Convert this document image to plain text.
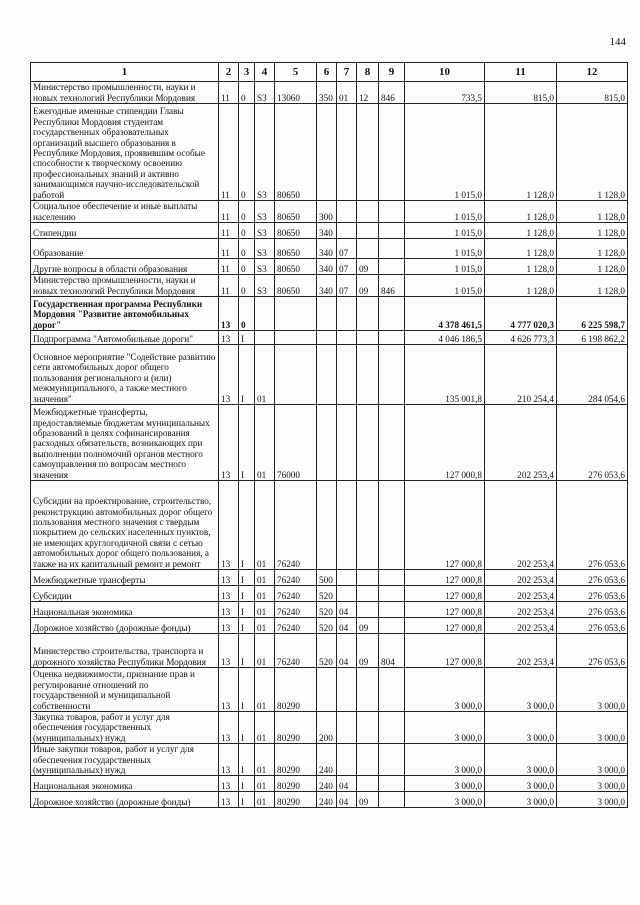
144
1	2	3	4	5	6	7	8	9	10	11	12
Министерство промышленности, науки и новых технологий Республики Мордовия	11	0	S3	13060	350	01	12	846	733,5	815,0	815,0
Ежегодные именные стипендии Главы Республики Мордовия студентам государственных образовательных организаций высшего образования в Республике Мордовия, проявившим особые способности к творческому освоению профессиональных знаний и активно занимающимся научно-исследовательской работой	11	0	S3	80650					1 015,0	1 128,0	1 128,0
Социальное обеспечение и иные выплаты населению	11	0	S3	80650	300				1 015,0	1 128,0	1 128,0
Стипендии	11	0	S3	80650	340				1 015,0	1 128,0	1 128,0
Образование	11	0	S3	80650	340	07			1 015,0	1 128,0	1 128,0
Другие вопросы в области образования	11	0	S3	80650	340	07	09		1 015,0	1 128,0	1 128,0
Министерство промышленности, науки и новых технологий Республики Мордовия	11	0	S3	80650	340	07	09	846	1 015,0	1 128,0	1 128,0
Государственная программа Республики Мордовия "Развитие автомобильных дорог"	13	0							4 378 461,5	4 777 020,3	6 225 598,7
Подпрограмма "Автомобильные дороги"	13	I							4 046 186,5	4 626 773,3	6 198 862,2
Основное мероприятие "Содействие развитию сети автомобильных дорог общего пользования регионального и (или) межмуниципального, а также местного значения"	13	I	01						135 001,8	210 254,4	284 054,6
Межбюджетные трансферты, предоставляемые бюджетам муниципальных образований в целях софинансирования расходных обязательств, возникающих при выполнении полномочий органов местного самоуправления по вопросам местного значения	13	I	01	76000					127 000,8	202 253,4	276 053,6
Субсидии на проектирование, строительство, реконструкцию автомобильных дорог общего пользования местного значения с твердым покрытием до сельских населенных пунктов, не имеющих круглогодичной связи с сетью автомобильных дорог общего пользования, а также на их капитальный ремонт и ремонт	13	I	01	76240					127 000,8	202 253,4	276 053,6
Межбюджетные трансферты	13	I	01	76240	500				127 000,8	202 253,4	276 053,6
Субсидии	13	I	01	76240	520				127 000,8	202 253,4	276 053,6
Национальная экономика	13	I	01	76240	520	04			127 000,8	202 253,4	276 053,6
Дорожное хозяйство (дорожные фонды)	13	I	01	76240	520	04	09		127 000,8	202 253,4	276 053,6
Министерство строительства, транспорта и дорожного хозяйства Республики Мордовия	13	I	01	76240	520	04	09	804	127 000,8	202 253,4	276 053,6
Оценка недвижимости, признание прав и регулирование отношений по государственной и муниципальной собственности	13	I	01	80290					3 000,0	3 000,0	3 000,0
Закупка товаров, работ и услуг для обеспечения государственных (муниципальных) нужд	13	I	01	80290	200				3 000,0	3 000,0	3 000,0
Иные закупки товаров, работ и услуг для обеспечения государственных (муниципальных) нужд	13	I	01	80290	240				3 000,0	3 000,0	3 000,0
Национальная экономика	13	I	01	80290	240	04			3 000,0	3 000,0	3 000,0
Дорожное хозяйство (дорожные фонды)	13	I	01	80290	240	04	09		3 000,0	3 000,0	3 000,0
